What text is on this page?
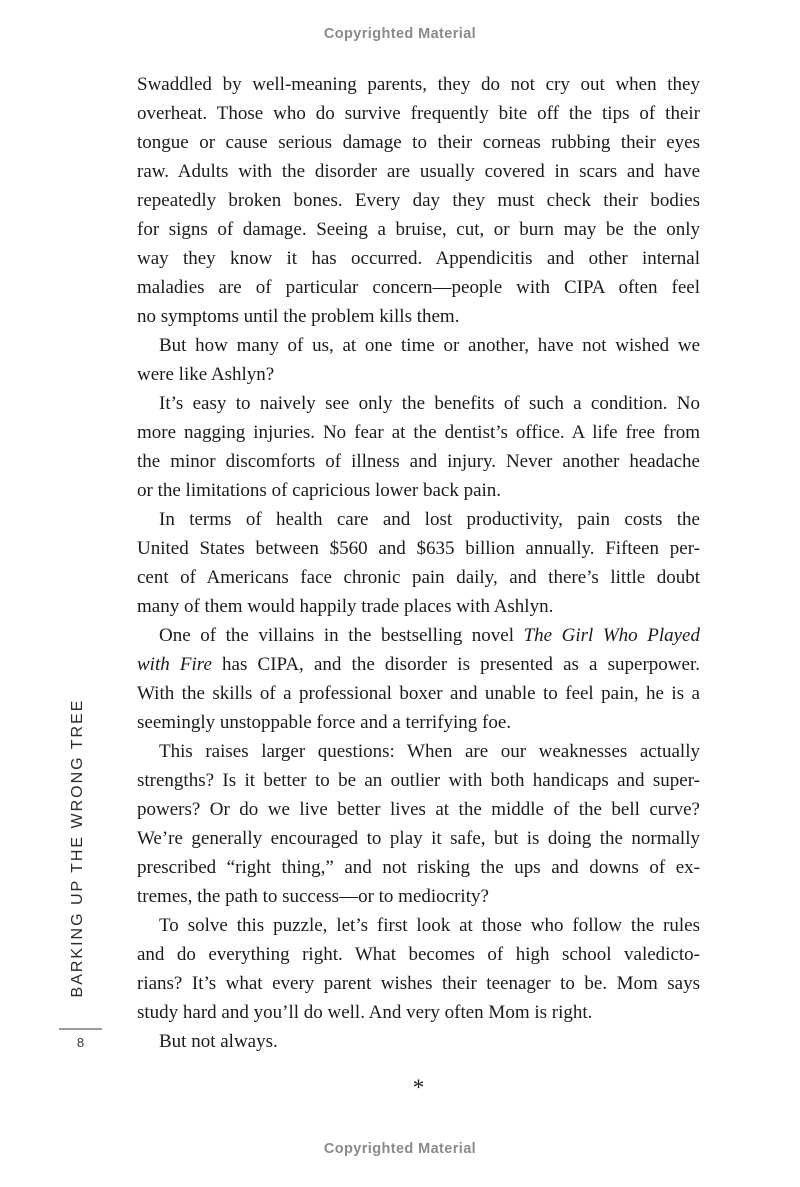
Copyrighted Material
BARKING UP THE WRONG TREE
8
Swaddled by well-meaning parents, they do not cry out when they
overheat. Those who do survive frequently bite off the tips of their
tongue or cause serious damage to their corneas rubbing their eyes
raw. Adults with the disorder are usually covered in scars and have
repeatedly broken bones. Every day they must check their bodies
for signs of damage. Seeing a bruise, cut, or burn may be the only
way they know it has occurred. Appendicitis and other internal
maladies are of particular concern—people with CIPA often feel
no symptoms until the problem kills them.
But how many of us, at one time or another, have not wished we
were like Ashlyn?
It’s easy to naively see only the benefits of such a condition. No
more nagging injuries. No fear at the dentist’s office. A life free from
the minor discomforts of illness and injury. Never another headache
or the limitations of capricious lower back pain.
In terms of health care and lost productivity, pain costs the
United States between $560 and $635 billion annually. Fifteen per-
cent of Americans face chronic pain daily, and there’s little doubt
many of them would happily trade places with Ashlyn.
One of the villains in the bestselling novel The Girl Who Played
with Fire has CIPA, and the disorder is presented as a superpower.
With the skills of a professional boxer and unable to feel pain, he is a
seemingly unstoppable force and a terrifying foe.
This raises larger questions: When are our weaknesses actually
strengths? Is it better to be an outlier with both handicaps and super-
powers? Or do we live better lives at the middle of the bell curve?
We’re generally encouraged to play it safe, but is doing the normally
prescribed “right thing,” and not risking the ups and downs of ex-
tremes, the path to success—or to mediocrity?
To solve this puzzle, let’s first look at those who follow the rules
and do everything right. What becomes of high school valedicto-
rians? It’s what every parent wishes their teenager to be. Mom says
study hard and you’ll do well. And very often Mom is right.
But not always.
*
Copyrighted Material
